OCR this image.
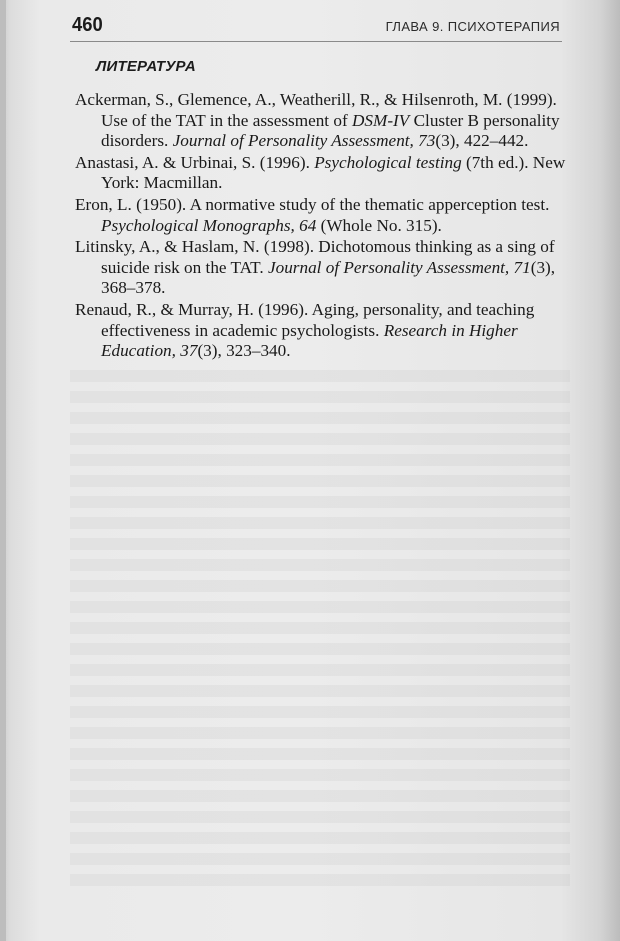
460	ГЛАВА 9. ПСИХОТЕРАПИЯ
ЛИТЕРАТУРА
Ackerman, S., Glemence, A., Weatherill, R., & Hilsenroth, M. (1999). Use of the TAT in the assessment of DSM-IV Cluster B personality disorders. Journal of Personality Assessment, 73(3), 422–442.
Anastasi, A. & Urbinai, S. (1996). Psychological testing (7th ed.). New York: Macmillan.
Eron, L. (1950). A normative study of the thematic apperception test. Psychological Monographs, 64 (Whole No. 315).
Litinsky, A., & Haslam, N. (1998). Dichotomous thinking as a sing of suicide risk on the TAT. Journal of Personality Assessment, 71(3), 368–378.
Renaud, R., & Murray, H. (1996). Aging, personality, and teaching effectiveness in academic psychologists. Research in Higher Education, 37(3), 323–340.
